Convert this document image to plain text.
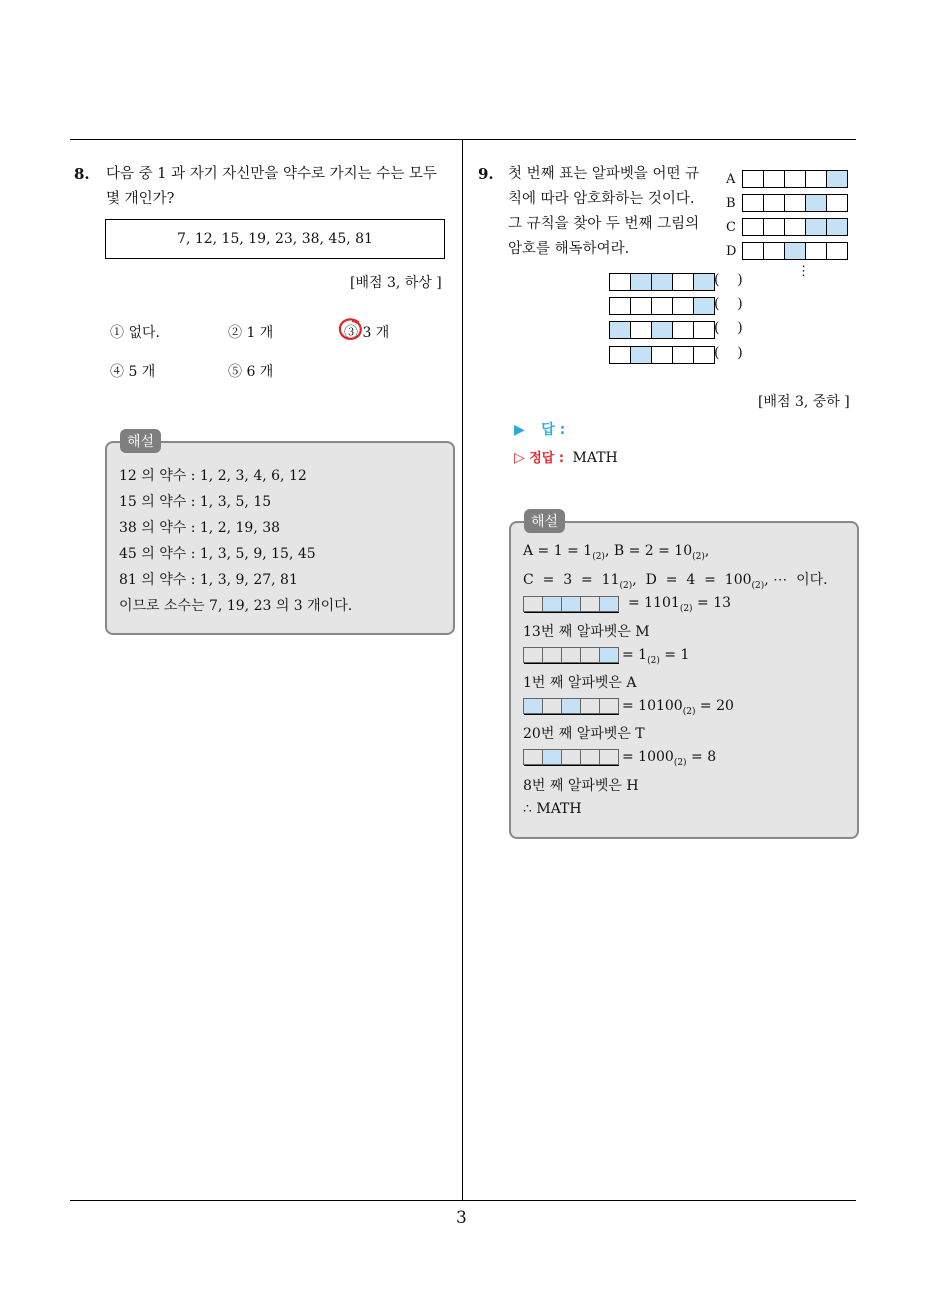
3
8. 다음 중 1 과 자기 자신만을 약수로 가지는 수는 모두
몇 개인가?
7, 12, 15, 19, 23, 38, 45, 81
[배점 3, 하상 ]
① 없다.	② 1 개	③ 3 개
④ 5 개	⑤ 6 개
12 의 약수 : 1, 2, 3, 4, 6, 12
15 의 약수 : 1, 3, 5, 15
38 의 약수 : 1, 2, 19, 38
45 의 약수 : 1, 3, 5, 9, 15, 45
81 의 약수 : 1, 3, 9, 27, 81
이므로 소수는 7, 19, 23 의 3 개이다.
해설
9. 첫 번째 표는 알파벳을 어떤 규
칙에 따라 암호화하는 것이다.
그 규칙을 찾아 두 번째 그림의
암호를 해독하여라.
A
B
C
D
⋮
(    )
(    )
(    )
(    )
[배점 3, 중하 ]
▶ 답 :
▷ 정답 : MATH
$A = 1 = 1_{(2)}$, $B = 2 = 10_{(2)}$,
$C = 3 = 11_{(2)}$,  $D = 4 = 100_{(2)}$, ⋯  이다.
= $1101_{(2)} = 13$
13번 째 알파벳은 M
= $1_{(2)} = 1$
1번 째 알파벳은 A
= $10100_{(2)} = 20$
20번 째 알파벳은 T
= $1000_{(2)} = 8$
8번 째 알파벳은 H
∴ MATH
해설
